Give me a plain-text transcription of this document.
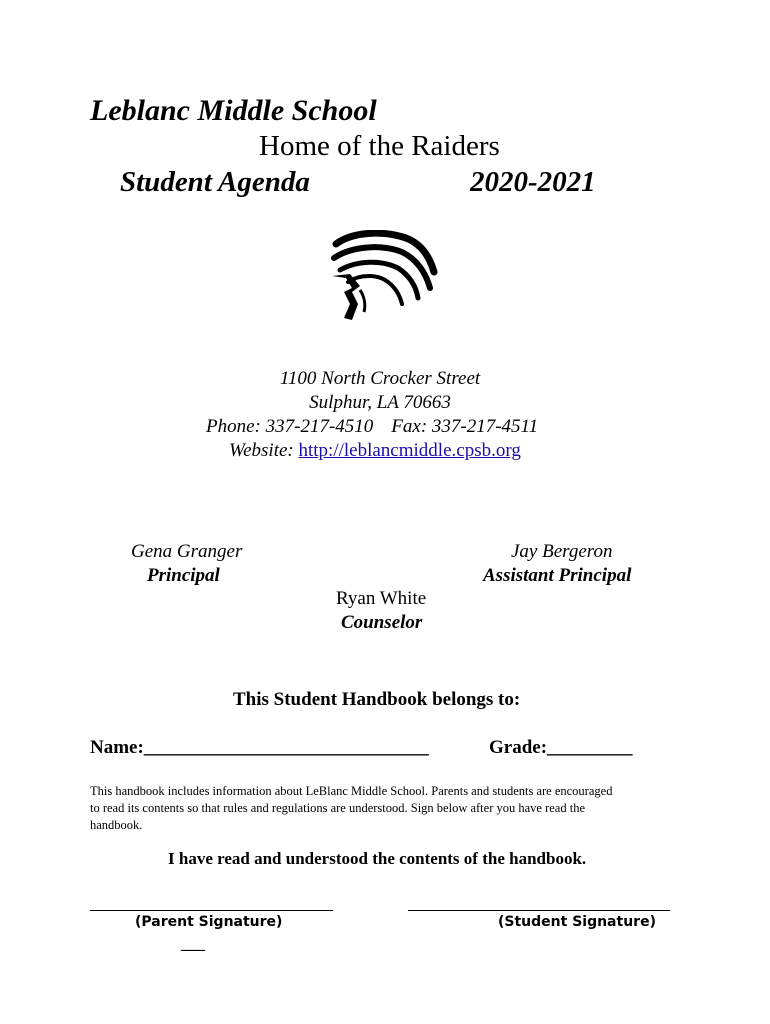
Leblanc Middle School
Home of the Raiders
Student Agenda	2020-2021
1100 North Crocker Street
Sulphur, LA 70663
Phone: 337-217-4510 Fax: 337-217-4511
Website: http://leblancmiddle.cpsb.org
Gena Granger
Principal
Jay Bergeron
Assistant Principal
Ryan White
Counselor
This Student Handbook belongs to:
Name:______________________________	Grade:_________
This handbook includes information about LeBlanc Middle School. Parents and students are encouraged
to read its contents so that rules and regulations are understood. Sign below after you have read the
handbook.
I have read and understood the contents of the handbook.
(Parent Signature)	(Student Signature)
___
